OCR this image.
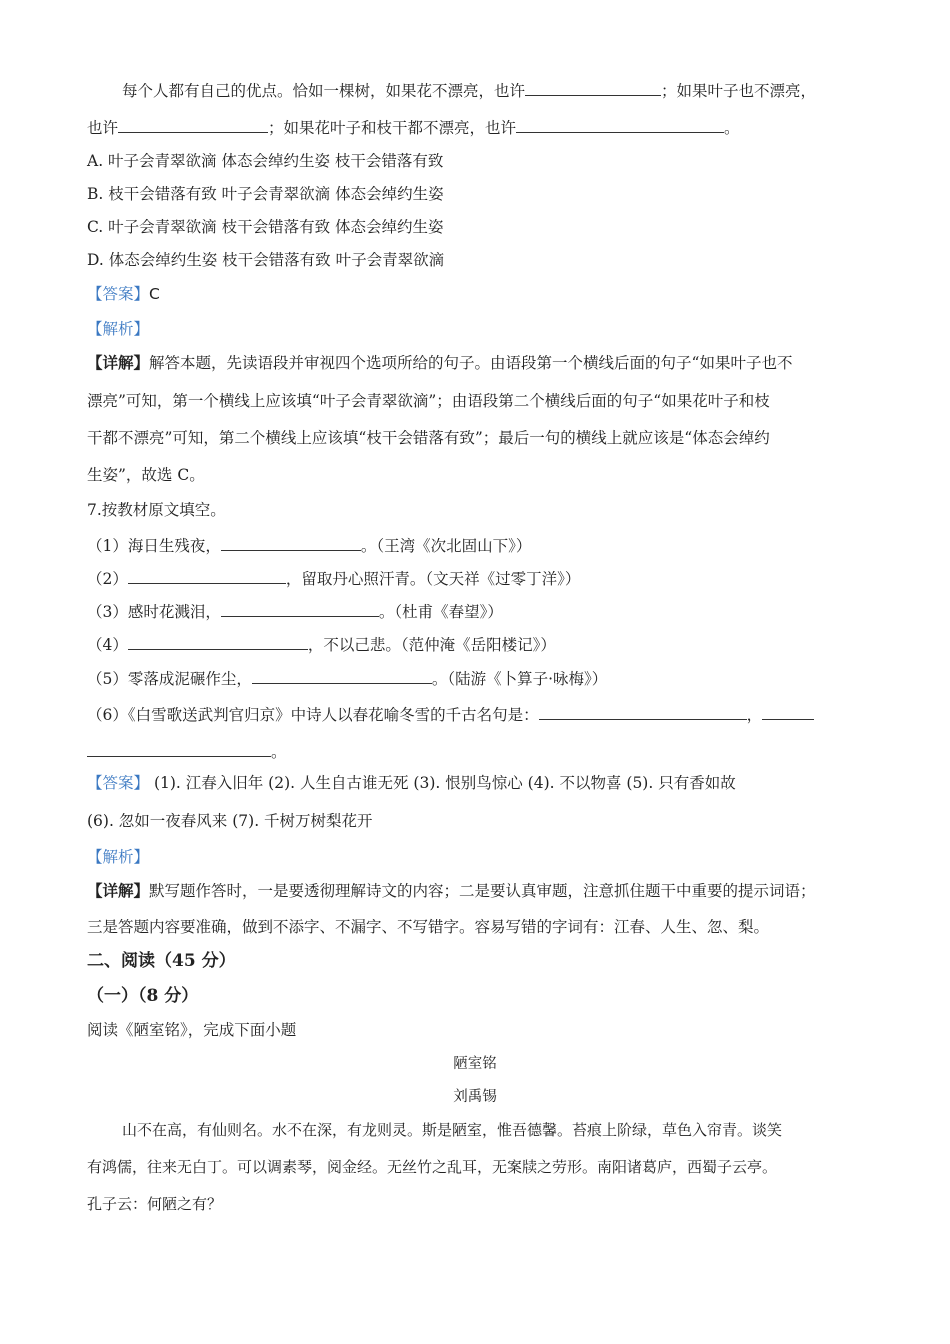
每个人都有自己的优点。恰如一棵树，如果花不漂亮，也许	；如果叶子也不漂亮，
也许	；如果花叶子和枝干都不漂亮，也许	。
A. 叶子会青翠欲滴 体态会绰约生姿 枝干会错落有致
B. 枝干会错落有致 叶子会青翠欲滴 体态会绰约生姿
C. 叶子会青翠欲滴 枝干会错落有致 体态会绰约生姿
D. 体态会绰约生姿 枝干会错落有致 叶子会青翠欲滴
【答案】C
【解析】
【详解】解答本题，先读语段并审视四个选项所给的句子。由语段第一个横线后面的句子“如果叶子也不
漂亮”可知，第一个横线上应该填“叶子会青翠欲滴”；由语段第二个横线后面的句子“如果花叶子和枝
干都不漂亮”可知，第二个横线上应该填“枝干会错落有致”；最后一句的横线上就应该是“体态会绰约
生姿”，故选 C。
7.按教材原文填空。
（1）海日生残夜，	。（王湾《次北固山下》）
（2）	，留取丹心照汗青。（文天祥《过零丁洋》）
（3）感时花溅泪，	。（杜甫《春望》）
（4）	，不以己悲。（范仲淹《岳阳楼记》）
（5）零落成泥碾作尘，	。（陆游《卜算子·咏梅》）
（6）《白雪歌送武判官归京》中诗人以春花喻冬雪的千古名句是：	，
。
【答案】 (1). 江春入旧年 (2). 人生自古谁无死 (3). 恨别鸟惊心 (4). 不以物喜 (5). 只有香如故
(6). 忽如一夜春风来 (7). 千树万树梨花开
【解析】
【详解】默写题作答时，一是要透彻理解诗文的内容；二是要认真审题，注意抓住题干中重要的提示词语；
三是答题内容要准确，做到不添字、不漏字、不写错字。容易写错的字词有：江春、人生、忽、梨。
二、阅读（45 分）
（一）（8 分）
阅读《陋室铭》，完成下面小题
陋室铭
刘禹锡
山不在高，有仙则名。水不在深，有龙则灵。斯是陋室，惟吾德馨。苔痕上阶绿，草色入帘青。谈笑
有鸿儒，往来无白丁。可以调素琴，阅金经。无丝竹之乱耳，无案牍之劳形。南阳诸葛庐，西蜀子云亭。
孔子云：何陋之有？
